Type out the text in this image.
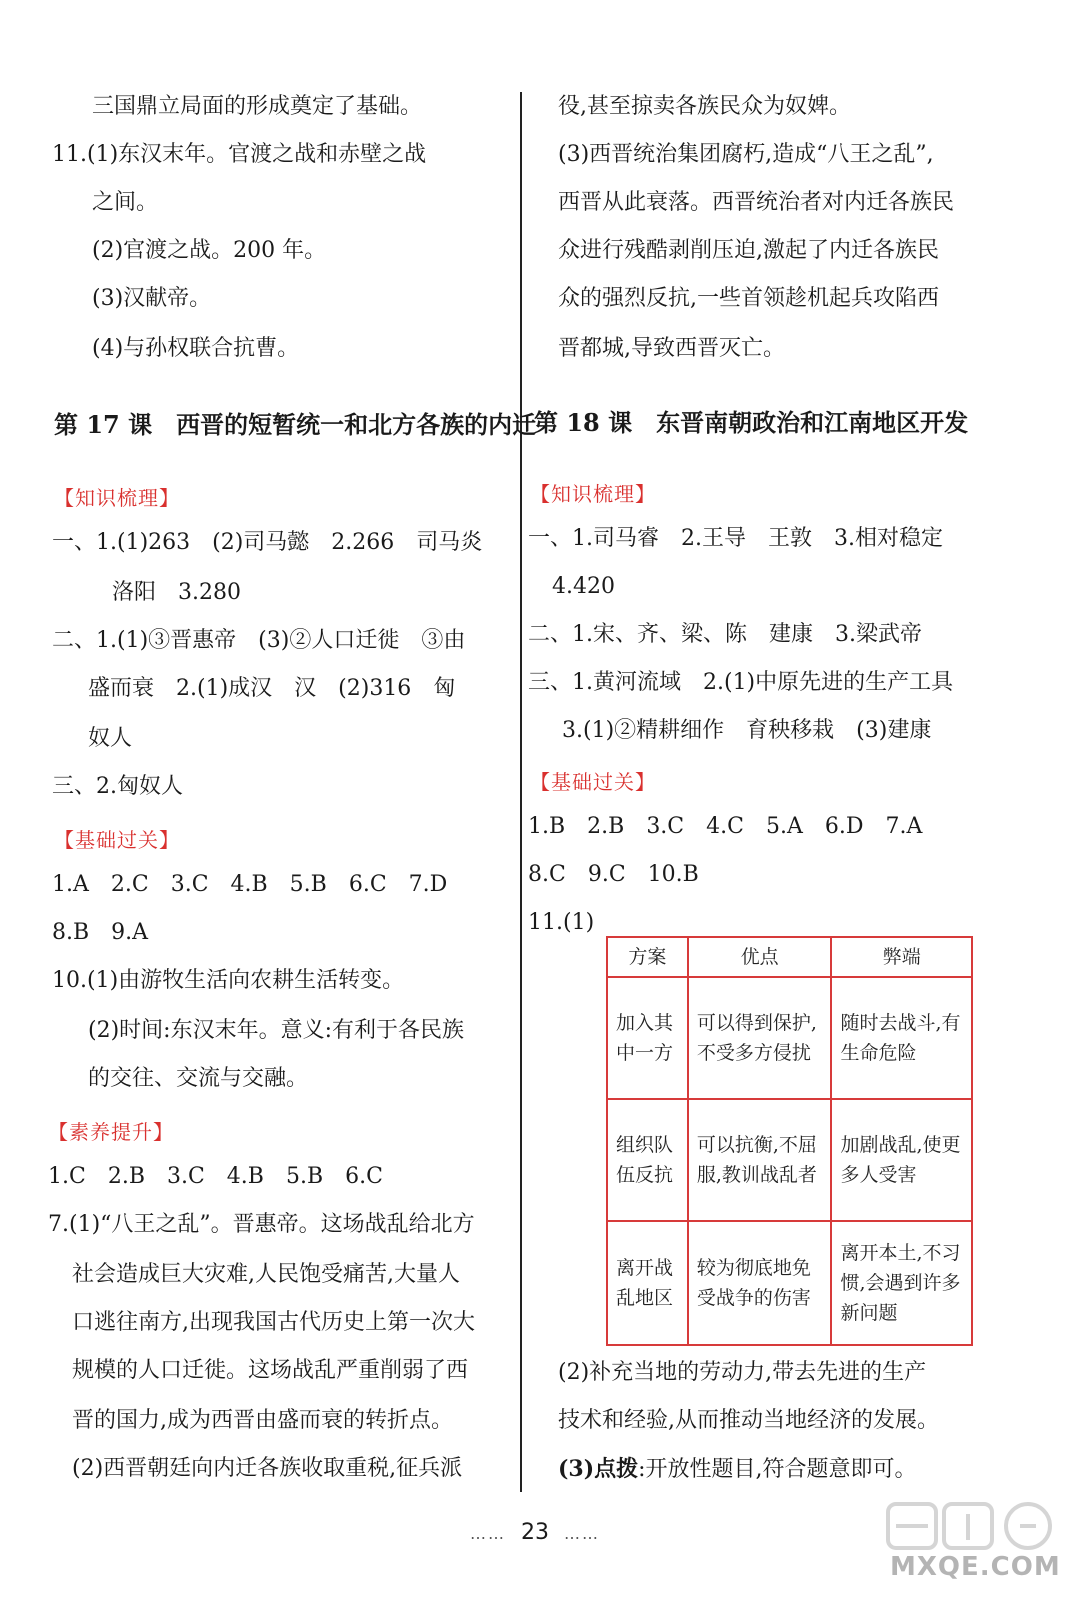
三国鼎立局面的形成奠定了基础。
11.(1)东汉末年。官渡之战和赤壁之战
之间。
(2)官渡之战。200 年。
(3)汉献帝。
(4)与孙权联合抗曹。
第 17 课　西晋的短暂统一和北方各族的内迁
【知识梳理】
一、1.(1)263　(2)司马懿　2.266　司马炎
洛阳　3.280
二、1.(1)③晋惠帝　(3)②人口迁徙　③由
盛而衰　2.(1)成汉　汉　(2)316　匈
奴人
三、2.匈奴人
【基础过关】
1.A　2.C　3.C　4.B　5.B　6.C　7.D
8.B　9.A
10.(1)由游牧生活向农耕生活转变。
(2)时间:东汉末年。意义:有利于各民族
的交往、交流与交融。
【素养提升】
1.C　2.B　3.C　4.B　5.B　6.C
7.(1)“八王之乱”。晋惠帝。这场战乱给北方
社会造成巨大灾难,人民饱受痛苦,大量人
口逃往南方,出现我国古代历史上第一次大
规模的人口迁徙。这场战乱严重削弱了西
晋的国力,成为西晋由盛而衰的转折点。
(2)西晋朝廷向内迁各族收取重税,征兵派
役,甚至掠卖各族民众为奴婢。
(3)西晋统治集团腐朽,造成“八王之乱”,
西晋从此衰落。西晋统治者对内迁各族民
众进行残酷剥削压迫,激起了内迁各族民
众的强烈反抗,一些首领趁机起兵攻陷西
晋都城,导致西晋灭亡。
第 18 课　东晋南朝政治和江南地区开发
【知识梳理】
一、1.司马睿　2.王导　王敦　3.相对稳定
4.420
二、1.宋、齐、梁、陈　建康　3.梁武帝
三、1.黄河流域　2.(1)中原先进的生产工具
3.(1)②精耕细作　育秧移栽　(3)建康
【基础过关】
1.B　2.B　3.C　4.C　5.A　6.D　7.A
8.C　9.C　10.B
11.(1)
(2)补充当地的劳动力,带去先进的生产
技术和经验,从而推动当地经济的发展。
(3)点拨:开放性题目,符合题意即可。
方案	优点	弊端
加入其中一方	可以得到保护,不受多方侵扰	随时去战斗,有生命危险
组织队伍反抗	可以抗衡,不屈服,教训战乱者	加剧战乱,使更多人受害
离开战乱地区	较为彻底地免受战争的伤害	离开本土,不习惯,会遇到许多新问题
…… 23 ……
MXQE.COM
